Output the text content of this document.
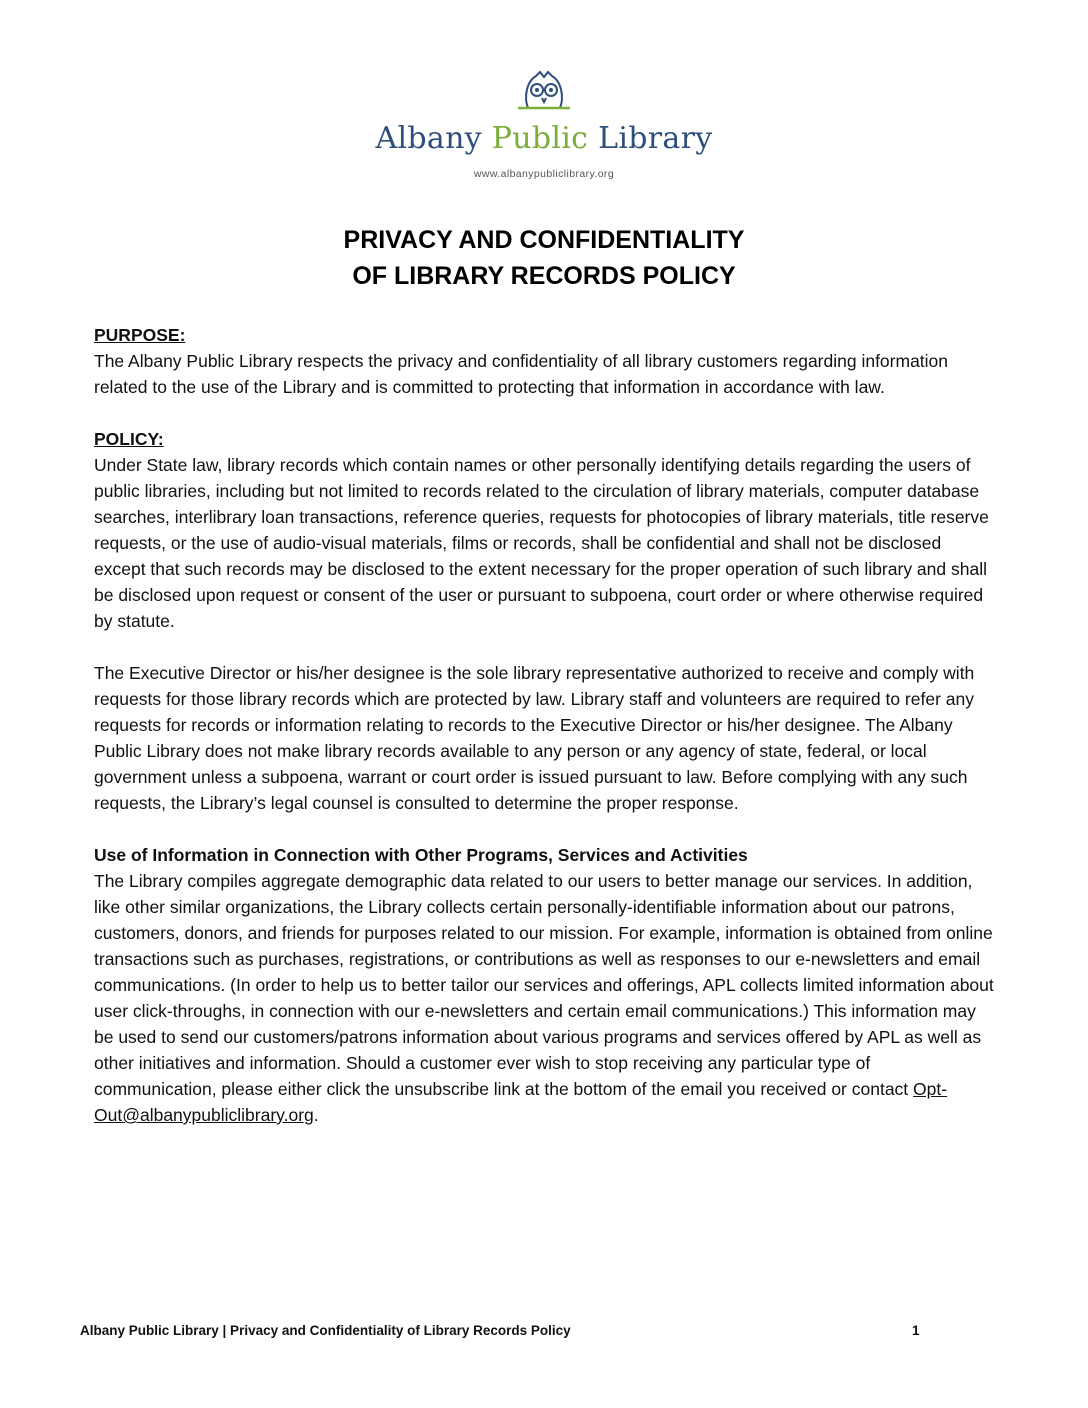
Albany Public Library
www.albanypubliclibrary.org
PRIVACY AND CONFIDENTIALITY
OF LIBRARY RECORDS POLICY
PURPOSE:

The Albany Public Library respects the privacy and confidentiality of all library customers regarding information related to the use of the Library and is committed to protecting that information in accordance with law.

POLICY:

Under State law, library records which contain names or other personally identifying details regarding the users of public libraries, including but not limited to records related to the circulation of library materials, computer database searches, interlibrary loan transactions, reference queries, requests for photocopies of library materials, title reserve requests, or the use of audio-visual materials, films or records, shall be confidential and shall not be disclosed except that such records may be disclosed to the extent necessary for the proper operation of such library and shall be disclosed upon request or consent of the user or pursuant to subpoena, court order or where otherwise required by statute.

The Executive Director or his/her designee is the sole library representative authorized to receive and comply with requests for those library records which are protected by law. Library staff and volunteers are required to refer any requests for records or information relating to records to the Executive Director or his/her designee. The Albany Public Library does not make library records available to any person or any agency of state, federal, or local government unless a subpoena, warrant or court order is issued pursuant to law. Before complying with any such requests, the Library’s legal counsel is consulted to determine the proper response.

Use of Information in Connection with Other Programs, Services and Activities

The Library compiles aggregate demographic data related to our users to better manage our services. In addition, like other similar organizations, the Library collects certain personally-identifiable information about our patrons, customers, donors, and friends for purposes related to our mission. For example, information is obtained from online transactions such as purchases, registrations, or contributions as well as responses to our e-newsletters and email communications. (In order to help us to better tailor our services and offerings, APL collects limited information about user click-throughs, in connection with our e-newsletters and certain email communications.) This information may be used to send our customers/patrons information about various programs and services offered by APL as well as other initiatives and information. Should a customer ever wish to stop receiving any particular type of communication, please either click the unsubscribe link at the bottom of the email you received or contact Opt-Out@albanypubliclibrary.org.

Albany Public Library | Privacy and Confidentiality of Library Records Policy	1
